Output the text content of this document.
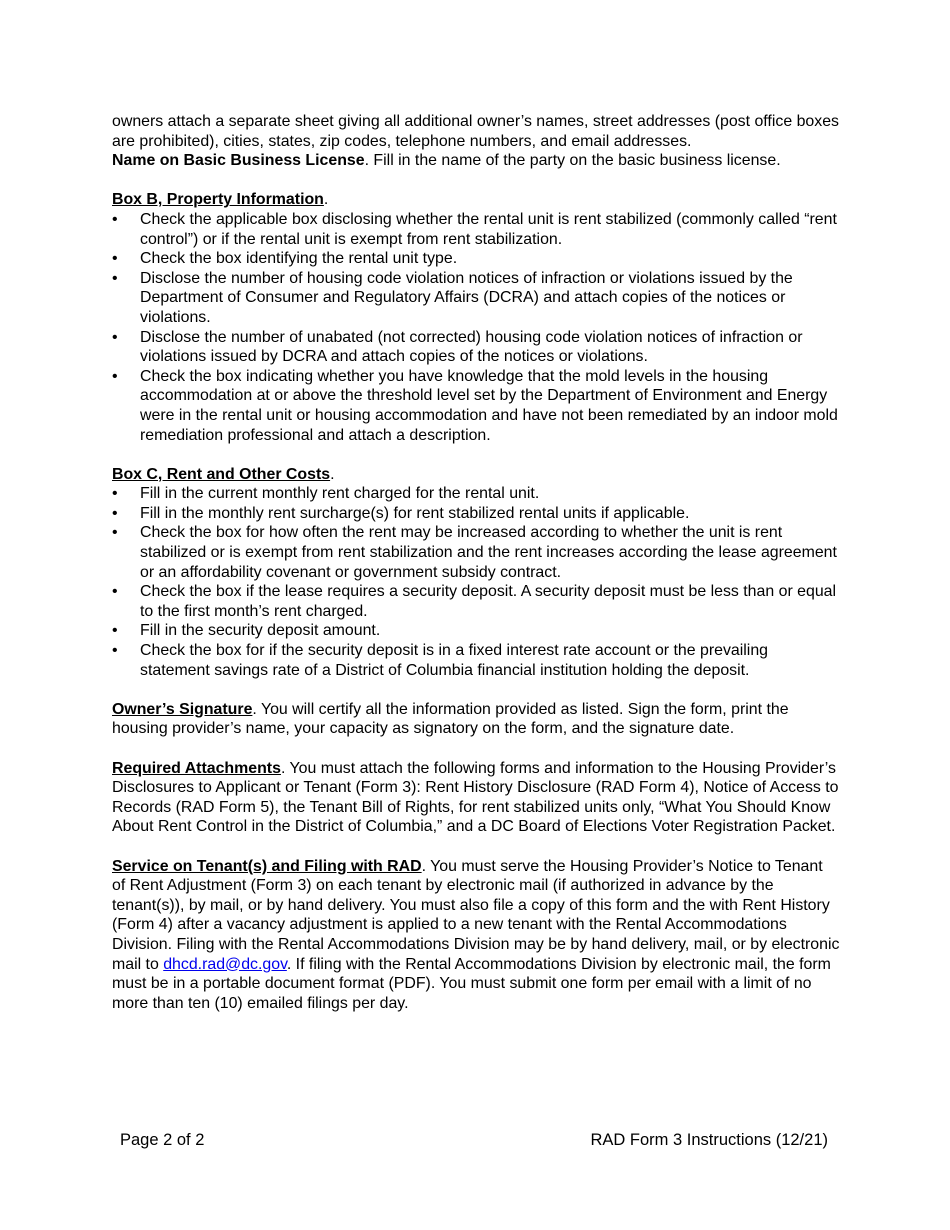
owners attach a separate sheet giving all additional owner’s names, street addresses (post office boxes are prohibited), cities, states, zip codes, telephone numbers, and email addresses.
Name on Basic Business License. Fill in the name of the party on the basic business license.

Box B, Property Information.

• Check the applicable box disclosing whether the rental unit is rent stabilized (commonly called “rent control”) or if the rental unit is exempt from rent stabilization.
• Check the box identifying the rental unit type.
• Disclose the number of housing code violation notices of infraction or violations issued by the Department of Consumer and Regulatory Affairs (DCRA) and attach copies of the notices or violations.
• Disclose the number of unabated (not corrected) housing code violation notices of infraction or violations issued by DCRA and attach copies of the notices or violations.
• Check the box indicating whether you have knowledge that the mold levels in the housing accommodation at or above the threshold level set by the Department of Environment and Energy were in the rental unit or housing accommodation and have not been remediated by an indoor mold remediation professional and attach a description.

Box C, Rent and Other Costs.

• Fill in the current monthly rent charged for the rental unit.
• Fill in the monthly rent surcharge(s) for rent stabilized rental units if applicable.
• Check the box for how often the rent may be increased according to whether the unit is rent stabilized or is exempt from rent stabilization and the rent increases according the lease agreement or an affordability covenant or government subsidy contract.
• Check the box if the lease requires a security deposit. A security deposit must be less than or equal to the first month’s rent charged.
• Fill in the security deposit amount.
• Check the box for if the security deposit is in a fixed interest rate account or the prevailing statement savings rate of a District of Columbia financial institution holding the deposit.

Owner’s Signature. You will certify all the information provided as listed. Sign the form, print the housing provider’s name, your capacity as signatory on the form, and the signature date.

Required Attachments. You must attach the following forms and information to the Housing Provider’s Disclosures to Applicant or Tenant (Form 3): Rent History Disclosure (RAD Form 4), Notice of Access to Records (RAD Form 5), the Tenant Bill of Rights, for rent stabilized units only, “What You Should Know About Rent Control in the District of Columbia,” and a DC Board of Elections Voter Registration Packet.

Service on Tenant(s) and Filing with RAD. You must serve the Housing Provider’s Notice to Tenant of Rent Adjustment (Form 3) on each tenant by electronic mail (if authorized in advance by the tenant(s)), by mail, or by hand delivery. You must also file a copy of this form and the with Rent History (Form 4) after a vacancy adjustment is applied to a new tenant with the Rental Accommodations Division. Filing with the Rental Accommodations Division may be by hand delivery, mail, or by electronic mail to dhcd.rad@dc.gov. If filing with the Rental Accommodations Division by electronic mail, the form must be in a portable document format (PDF). You must submit one form per email with a limit of no more than ten (10) emailed filings per day.

Page 2 of 2	RAD Form 3 Instructions (12/21)
